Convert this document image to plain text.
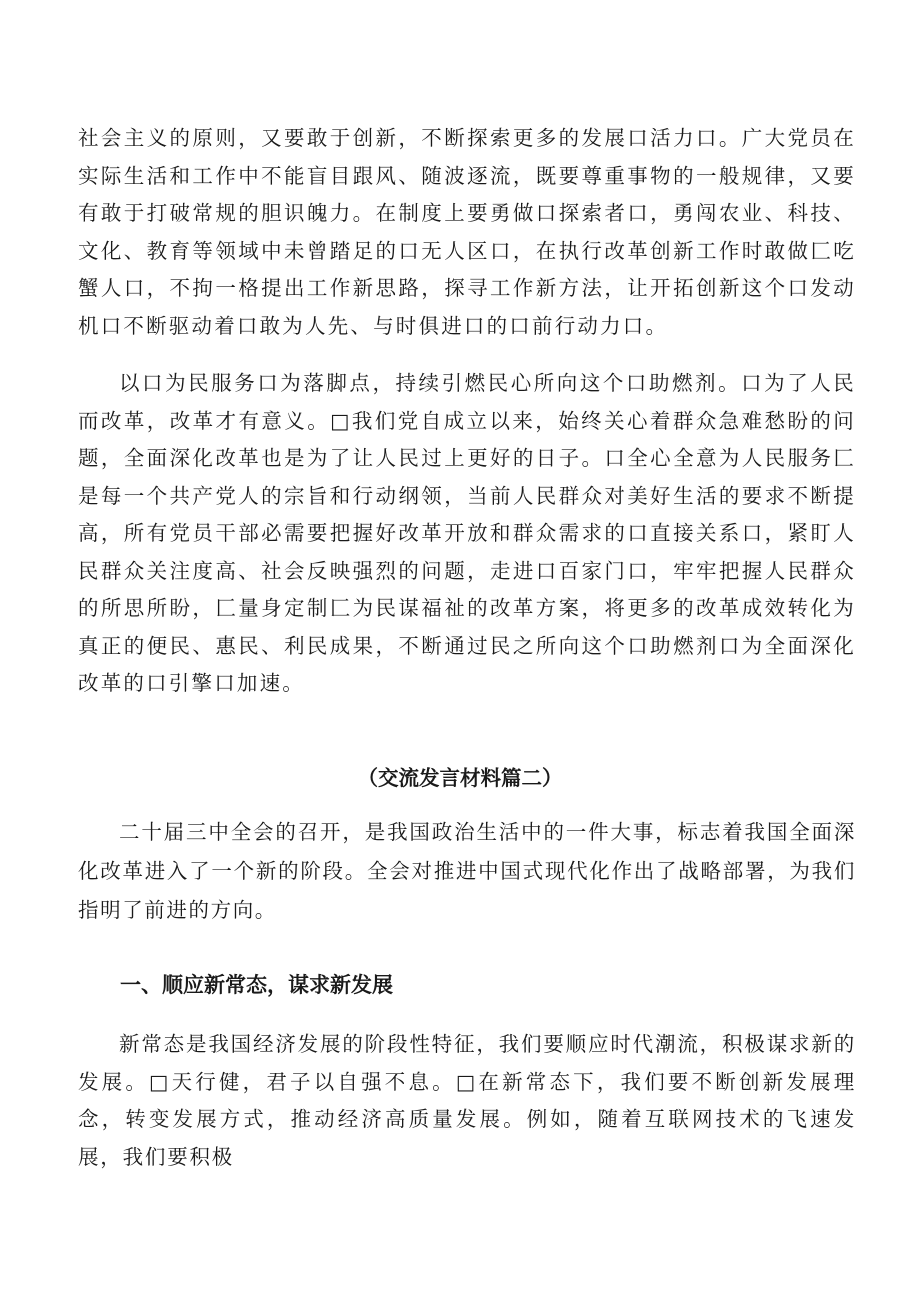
社会主义的原则，又要敢于创新，不断探索更多的发展口活力口。广大党员在实际生活和工作中不能盲目跟风、随波逐流，既要尊重事物的一般规律，又要有敢于打破常规的胆识魄力。在制度上要勇做口探索者口，勇闯农业、科技、文化、教育等领域中未曾踏足的口无人区口，在执行改革创新工作时敢做匚吃蟹人口，不拘一格提出工作新思路，探寻工作新方法，让开拓创新这个口发动机口不断驱动着口敢为人先、与时俱进口的口前行动力口。

以口为民服务口为落脚点，持续引燃民心所向这个口助燃剂。口为了人民而改革，改革才有意义。□我们党自成立以来，始终关心着群众急难愁盼的问题，全面深化改革也是为了让人民过上更好的日子。口全心全意为人民服务匚是每一个共产党人的宗旨和行动纲领，当前人民群众对美好生活的要求不断提高，所有党员干部必需要把握好改革开放和群众需求的口直接关系口，紧盯人民群众关注度高、社会反映强烈的问题，走进口百家门口，牢牢把握人民群众的所思所盼，匚量身定制匚为民谋福祉的改革方案，将更多的改革成效转化为真正的便民、惠民、利民成果，不断通过民之所向这个口助燃剂口为全面深化改革的口引擎口加速。

（交流发言材料篇二）

二十届三中全会的召开，是我国政治生活中的一件大事，标志着我国全面深化改革进入了一个新的阶段。全会对推进中国式现代化作出了战略部署，为我们指明了前进的方向。

一、顺应新常态，谋求新发展

新常态是我国经济发展的阶段性特征，我们要顺应时代潮流，积极谋求新的发展。□天行健，君子以自强不息。□在新常态下，我们要不断创新发展理念，转变发展方式，推动经济高质量发展。例如，随着互联网技术的飞速发展，我们要积极
